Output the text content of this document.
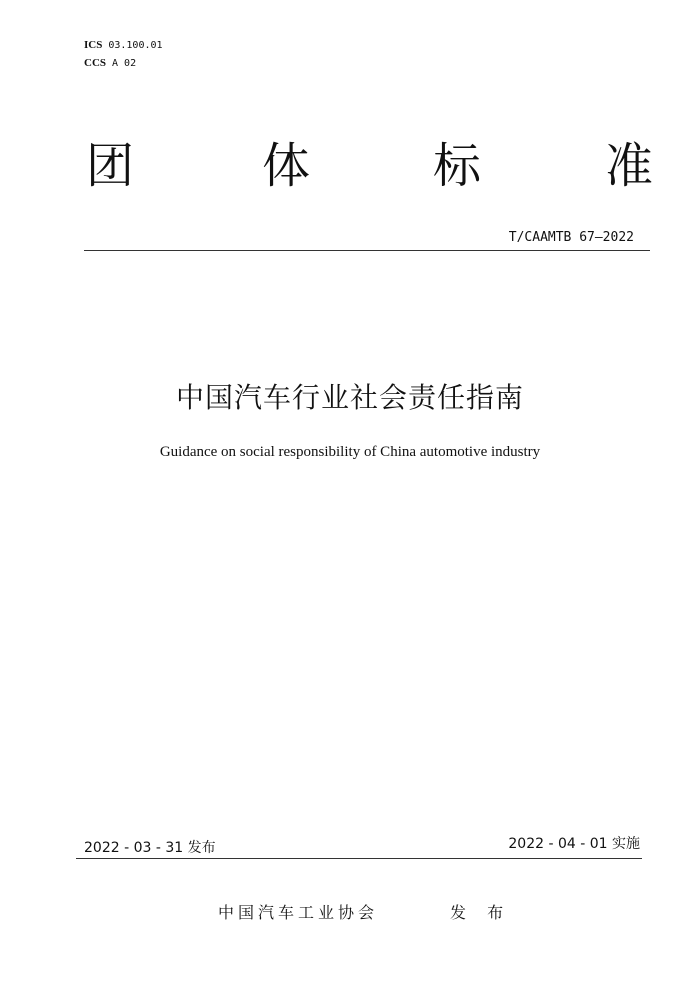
ICS 03.100.01
CCS A 02
团	体	标	准
T/CAAMTB 67—2022
中国汽车行业社会责任指南
Guidance on social responsibility of China automotive industry
2022 - 03 - 31 发布	2022 - 04 - 01 实施
中国汽车工业协会	发 布
